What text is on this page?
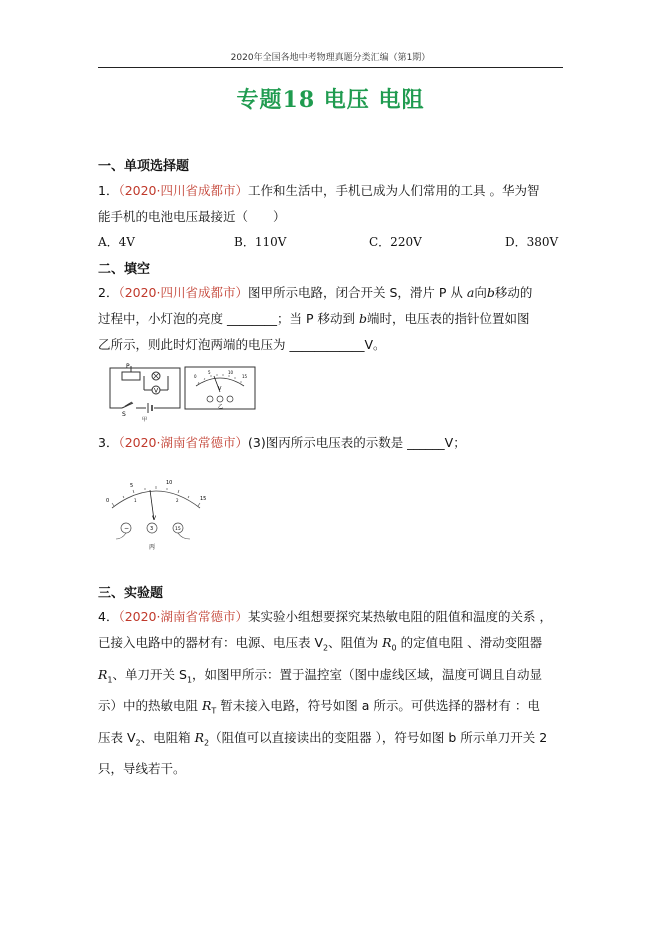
2020年全国各地中考物理真题分类汇编（第1期）
专题18 电压 电阻
一、单项选择题
1．（2020·四川省成都市）工作和生活中，手机已成为人们常用的工具 。华为智
能手机的电池电压最接近（　　）
A．4V	B．110V	C．220V	D．380V
二、填空
2．（2020·四川省成都市）图甲所示电路，闭合开关 S，滑片 P 从 a向b移动的
过程中，小灯泡的亮度 ________；当 P 移动到 b端时，电压表的指针位置如图
乙所示，则此时灯泡两端的电压为 ____________V。
P
V
S
甲
0
5	10
15
V
乙
3．（2020·湖南省常德市）(3)图丙所示电压表的示数是 ______V；
0
5	10
15
1	2
V
−	3	15
丙
三、实验题
4．（2020·湖南省常德市）某实验小组想要探究某热敏电阻的阻值和温度的关系 ，
已接入电路中的器材有：电源、电压表 $V_2$、阻值为 $R_0$ 的定值电阻 、滑动变阻器
$R_1$、单刀开关 $S_1$，如图甲所示：置于温控室（图中虚线区域，温度可调且自动显
示）中的热敏电阻 $R_T$ 暂未接入电路，符号如图 a 所示。可供选择的器材有 ：电
压表 $V_2$、电阻箱 $R_2$（阻值可以直接读出的变阻器 ），符号如图 b 所示单刀开关 2
只，导线若干。
